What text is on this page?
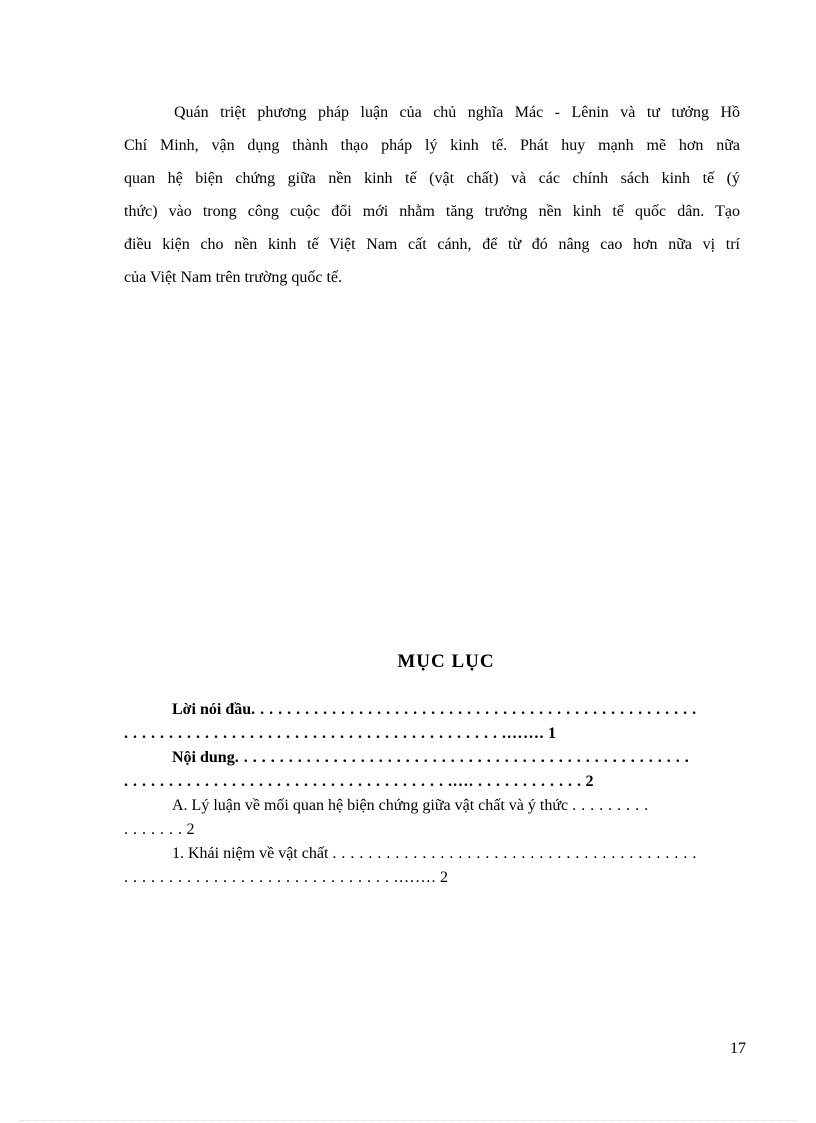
Quán triệt phương pháp luận của chủ nghĩa Mác - Lênin và tư tưởng Hồ
Chí Minh, vận dụng thành thạo pháp lý kinh tế. Phát huy mạnh mẽ hơn nữa
quan hệ biện chứng giữa nền kinh tế (vật chất) và các chính sách kinh tế (ý
thức) vào trong công cuộc đổi mới nhằm tăng trưởng nền kinh tế quốc dân. Tạo
điều kiện cho nền kinh tế Việt Nam cất cánh, để từ đó nâng cao hơn nữa vị trí
của Việt Nam trên trường quốc tế.
MỤC LỤC
Lời nói đầu. . . . . . . . . . . . . . . . . . . . . . . . . . . . . . . . . . . . . . . . . . . . . . . . . .
. . . . . . . . . . . . . . . . . . . . . . . . . . . . . . . . . . . . . . . . . . .……. 1
Nội dung. . . . . . . . . . . . . . . . . . . . . . . . . . . . . . . . . . . . . . . . . . . . . . . . . . .
. . . . . . . . . . . . . . . . . . . . . . . . . . . . . . . . . . . . .…. . . . . . . . . . . . . 2
A. Lý luận về mối quan hệ biện chứng giữa vật chất và ý thức . . . . . . . . .
. . . . . . . 2
1. Khái niệm về vật chất . . . . . . . . . . . . . . . . . . . . . . . . . . . . . . . . . . . . . . . . .
. . . . . . . . . . . . . . . . . . . . . . . . . . . . . . .……. 2
17
